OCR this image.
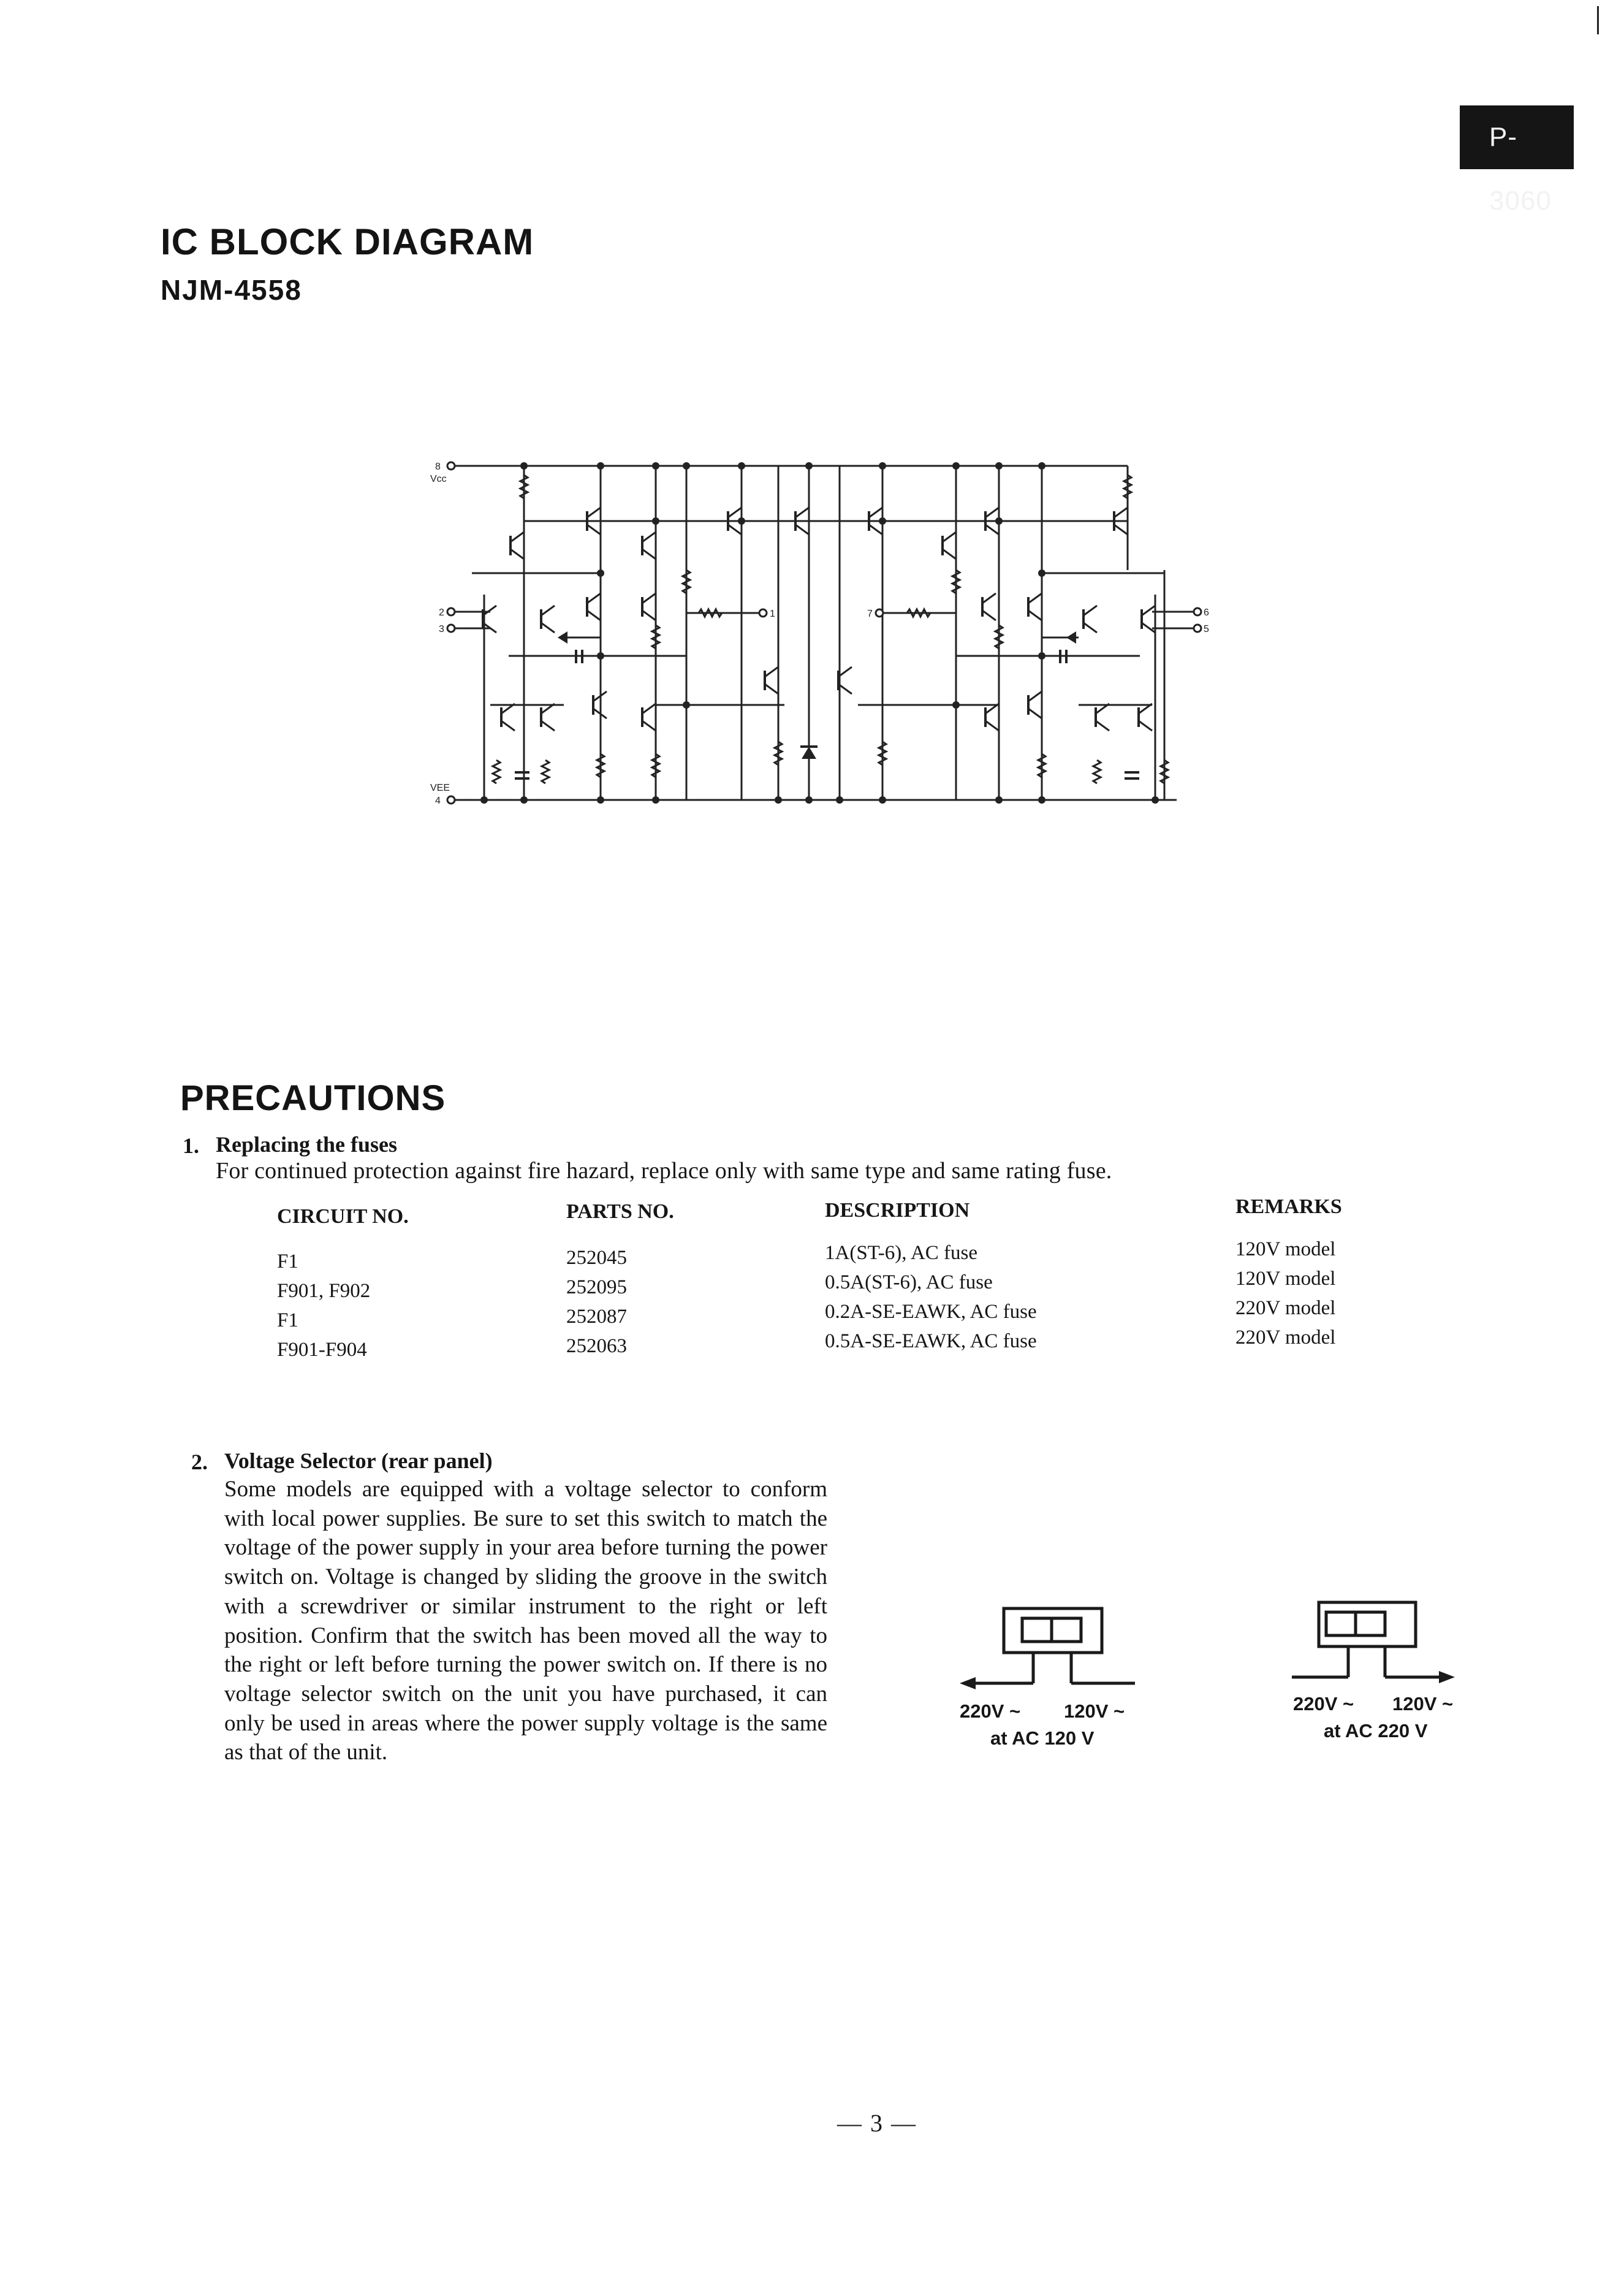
P-3060
IC BLOCK DIAGRAM
NJM-4558
8
Vcc
2
3
VEE
4
1	7	6
5
PRECAUTIONS
1. Replacing the fuses
For continued protection against fire hazard, replace only with same type and same rating fuse.
CIRCUIT NO.	PARTS NO.	DESCRIPTION	REMARKS
F1	252045	1A(ST-6), AC fuse	120V model
F901, F902	252095	0.5A(ST-6), AC fuse	120V model
F1	252087	0.2A-SE-EAWK, AC fuse	220V model
F901-F904	252063	0.5A-SE-EAWK, AC fuse	220V model
2. Voltage Selector (rear panel)
Some models are equipped with a voltage selector to conform with local power supplies. Be sure to set this switch to match the voltage of the power supply in your area before turning the power switch on. Voltage is changed by sliding the groove in the switch with a screwdriver or similar instrument to the right or left position. Confirm that the switch has been moved all the way to the right or left before turning the power switch on. If there is no voltage selector switch on the unit you have purchased, it can only be used in areas where the power supply voltage is the same as that of the unit.
220V ~ 120V ~
at AC 120 V
220V ~ 120V ~
at AC 220 V
— 3 —
